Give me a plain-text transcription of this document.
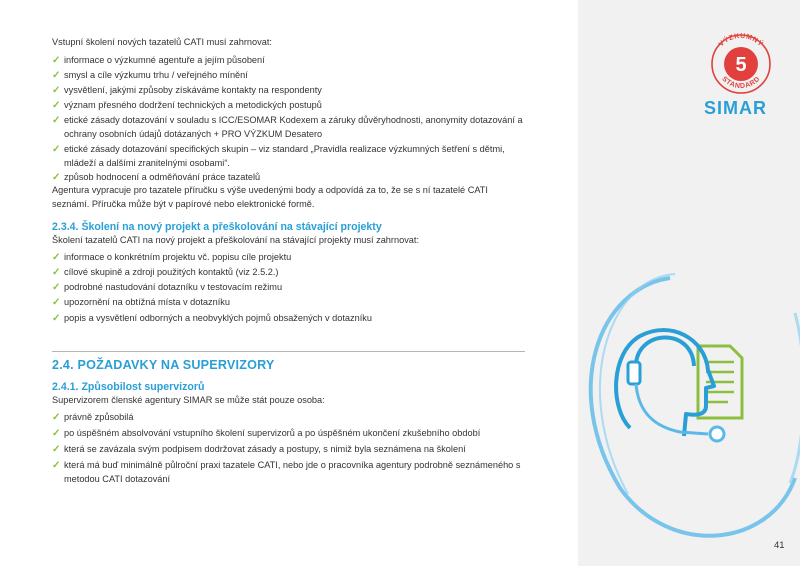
Vstupní školení nových tazatelů CATI musí zahrnovat:
✓ informace o výzkumné agentuře a jejím působení
✓ smysl a cíle výzkumu trhu / veřejného mínění
✓ vysvětlení, jakými způsoby získáváme kontakty na respondenty
✓ význam přesného dodržení technických a metodických postupů
✓ etické zásady dotazování v souladu s ICC/ESOMAR Kodexem a záruky důvěryhodnosti, anonymity dotazování a ochrany osobních údajů dotázaných + PRO VÝZKUM Desatero
✓ etické zásady dotazování specifických skupin – viz standard „Pravidla realizace výzkumných šetření s dětmi, mládeží a dalšími zranitelnými osobami“.
✓ způsob hodnocení a odměňování práce tazatelů
Agentura vypracuje pro tazatele příručku s výše uvedenými body a odpovídá za to, že se s ní tazatelé CATI seznámí. Příručka může být v papírové nebo elektronické formě.
2.3.4. Školení na nový projekt a přeškolování na stávající projekty
Školení tazatelů CATI na nový projekt a přeškolování na stávající projekty musí zahrnovat:
✓ informace o konkrétním projektu vč. popisu cíle projektu
✓ cílové skupině a zdroji použitých kontaktů (viz 2.5.2.)
✓ podrobné nastudování dotazníku v testovacím režimu
✓ upozornění na obtížná místa v dotazníku
✓ popis a vysvětlení odborných a neobvyklých pojmů obsažených v dotazníku
2.4. POŽADAVKY NA SUPERVIZORY
2.4.1. Způsobilost supervizorů
Supervizorem členské agentury SIMAR se může stát pouze osoba:
✓ právně způsobilá
✓ po úspěšném absolvování vstupního školení supervizorů a po úspěšném ukončení zkušebního období
✓ která se zavázala svým podpisem dodržovat zásady a postupy, s nimiž byla seznámena na školení
✓ která má buď minimálně půlroční praxi tazatele CATI, nebo jde o pracovníka agentury podrobně seznámeného s metodou CATI dotazování
5
VÝZKUMNÝ
STANDARD
SIMAR
41
